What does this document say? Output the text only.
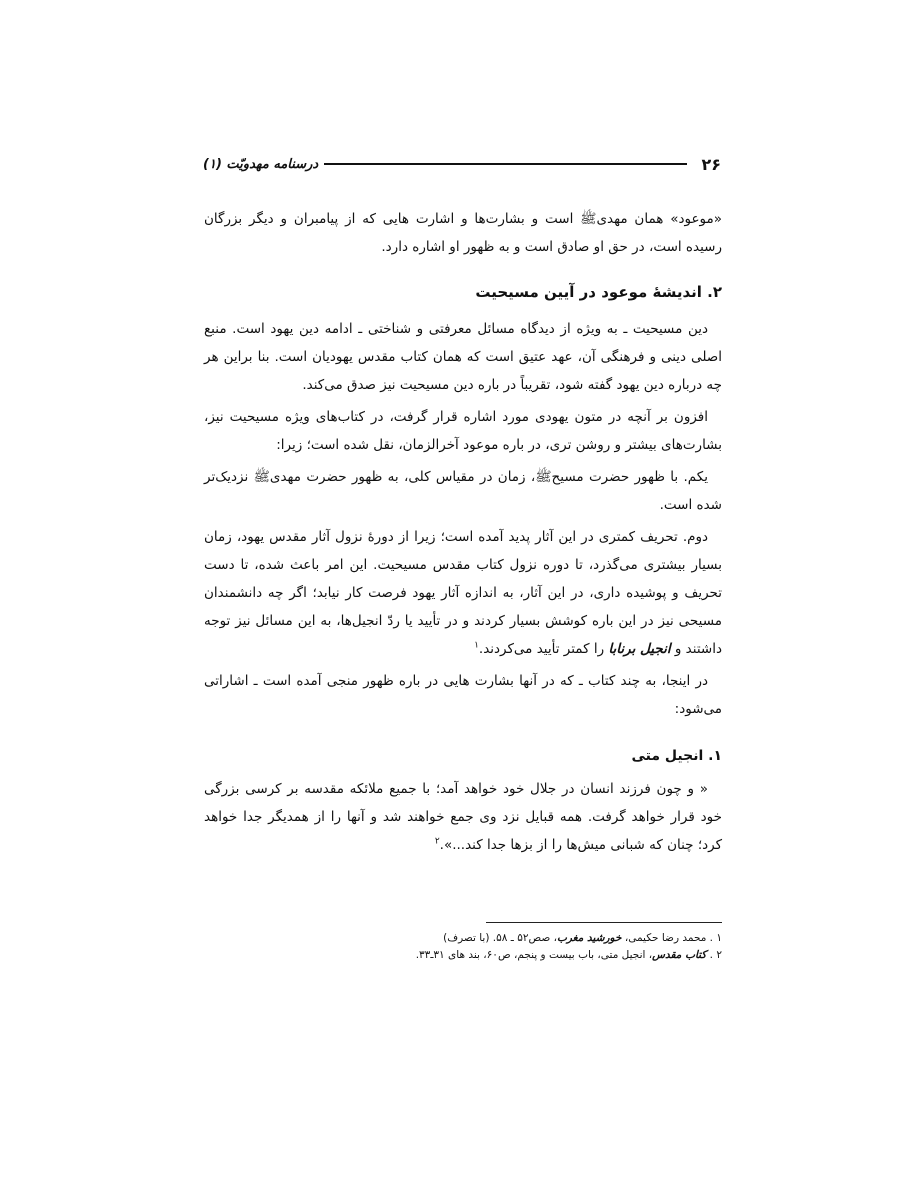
۲۶
درسنامه مهدویّت (۱)

«موعود» همان مهدیﷺ است و بشارت‌ها و اشارت هایی که از پیامبران و دیگر بزرگان رسیده است، در حق او صادق است و به ظهور او اشاره دارد.

۲. اندیشۀ موعود در آیین مسیحیت

دین مسیحیت ـ به ویژه از دیدگاه مسائل معرفتی و شناختی ـ ادامه دین یهود است. منبع اصلی دینی و فرهنگی آن، عهد عتیق است که همان کتاب مقدس یهودیان است. بنا براین هر چه درباره دین یهود گفته شود، تقریباً در باره دین مسیحیت نیز صدق می‌کند.

افزون بر آنچه در متون یهودی مورد اشاره قرار گرفت، در کتاب‌های ویژه مسیحیت نیز، بشارت‌های بیشتر و روشن تری، در باره موعود آخرالزمان، نقل شده است؛ زیرا:

یکم. با ظهور حضرت مسیحﷺ، زمان در مقیاس کلی، به ظهور حضرت مهدیﷺ نزدیک‌تر شده است.

دوم. تحریف کمتری در این آثار پدید آمده است؛ زیرا از دورۀ نزول آثار مقدس یهود، زمان بسیار بیشتری می‌گذرد، تا دوره نزول کتاب مقدس مسیحیت. این امر باعث شده، تا دست تحریف و پوشیده داری، در این آثار، به اندازه آثار یهود فرصت کار نیابد؛ اگر چه دانشمندان مسیحی نیز در این باره کوشش بسیار کردند و در تأیید یا ردّ انجیل‌ها، به این مسائل نیز توجه داشتند و انجیل برنابا را کمتر تأیید می‌کردند.$^۱$

در اینجا، به چند کتاب ـ که در آنها بشارت هایی در باره ظهور منجی آمده است ـ اشاراتی می‌شود:

۱. انجیل متی

« و چون فرزند انسان در جلال خود خواهد آمد؛ با جمیع ملائکه مقدسه بر کرسی بزرگی خود قرار خواهد گرفت. همه قبایل نزد وی جمع خواهند شد و آنها را از همدیگر جدا خواهد کرد؛ چنان که شبانی میش‌ها را از بزها جدا کند...».$^۲$

۱ . محمد رضا حکیمی، خورشید مغرب، صص۵۲ ـ ۵۸. (با تصرف)
۲ . کتاب مقدس، انجیل متی، باب بیست و پنجم، ص۶۰، بند های ۳۱ـ۳۳.
